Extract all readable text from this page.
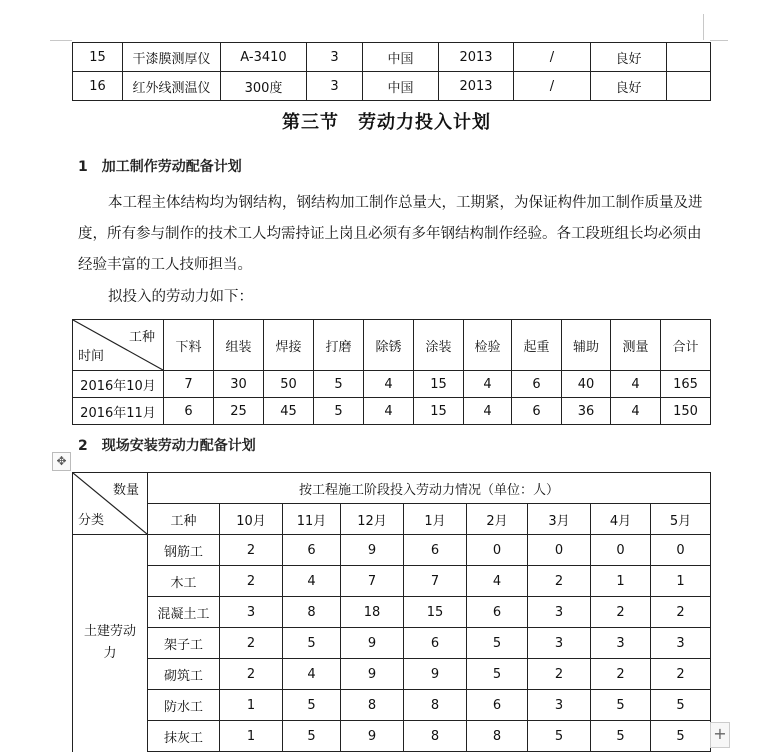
15	干漆膜测厚仪	A-3410	3	中国	2013	/	良好	
16	红外线测温仪	300度	3	中国	2013	/	良好	
第三节　劳动力投入计划
1　加工制作劳动配备计划
本工程主体结构均为钢结构，钢结构加工制作总量大，工期紧，为保证构件加工制作质量及进度，所有参与制作的技术工人均需持证上岗且必须有多年钢结构制作经验。各工段班组长均必须由经验丰富的工人技师担当。
拟投入的劳动力如下：
工种
时间	下料	组装	焊接	打磨	除锈	涂装	检验	起重	辅助	测量	合计
2016年10月	7	30	50	5	4	15	4	6	40	4	165
2016年11月	6	25	45	5	4	15	4	6	36	4	150
2　现场安装劳动力配备计划
✥
数量
分类	按工程施工阶段投入劳动力情况（单位：人）								
	工种	10月	11月	12月	1月	2月	3月	4月	5月
土建劳动力	钢筋工	2	6	9	6	0	0	0	0
	木工	2	4	7	7	4	2	1	1
	混凝土工	3	8	18	15	6	3	2	2
	架子工	2	5	9	6	5	3	3	3
	砌筑工	2	4	9	9	5	2	2	2
	防水工	1	5	8	8	6	3	5	5
	抹灰工	1	5	9	8	8	5	5	5 +
